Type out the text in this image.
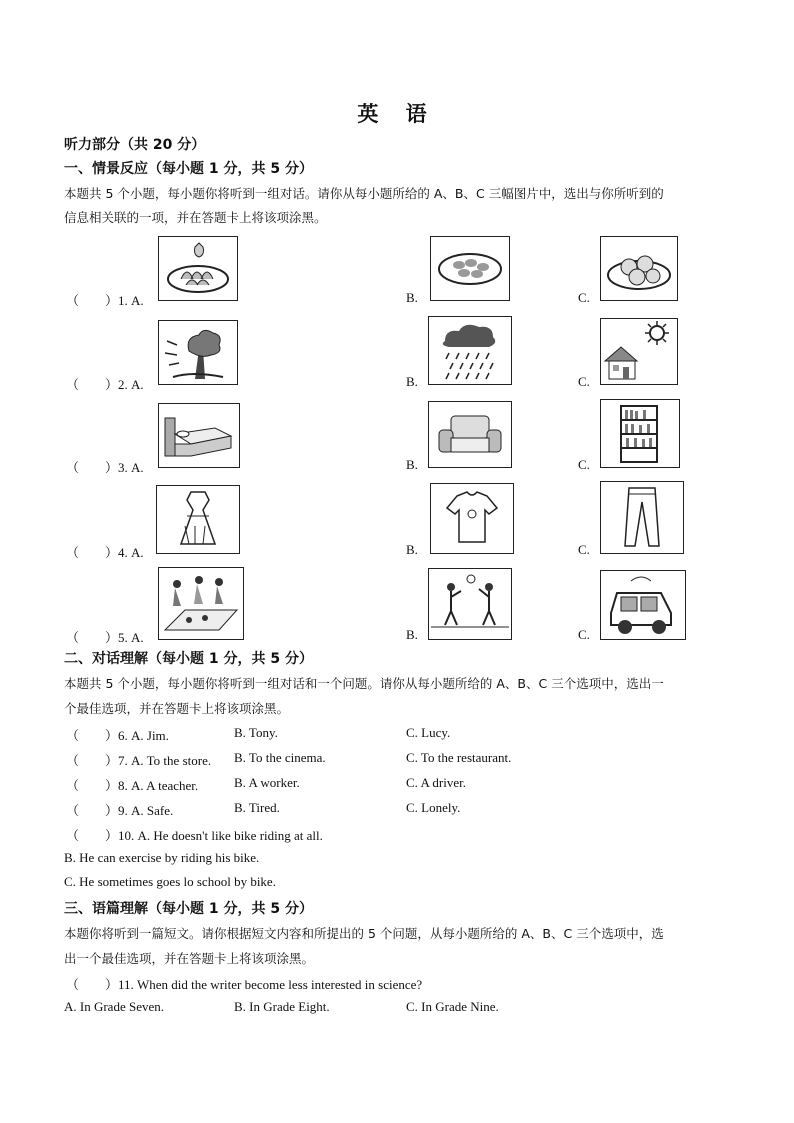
英 语
听力部分（共 20 分）
一、情景反应（每小题 1 分，共 5 分）
本题共 5 个小题，每小题你将听到一组对话。请你从每小题所给的 A、B、C 三幅图片中，选出与你所听到的
信息相关联的一项，并在答题卡上将该项涂黑。
（　　）1. A.	B.	C.
（　　）2. A.	B.	C.
（　　）3. A.	B.	C.
（　　）4. A.	B.	C.
（　　）5. A.	B.	C.
二、对话理解（每小题 1 分，共 5 分）
本题共 5 个小题，每小题你将听到一组对话和一个问题。请你从每小题所给的 A、B、C 三个选项中，选出一
个最佳选项，并在答题卡上将该项涂黑。
（　　）6. A. Jim.	B. Tony.	C. Lucy.
（　　）7. A. To the store. B. To the cinema.	C. To the restaurant.
（　　）8. A. A teacher.	B. A worker.	C. A driver.
（　　）9. A. Safe.	B. Tired.	C. Lonely.
（　　）10. A. He doesn't like bike riding at all.
B. He can exercise by riding his bike.
C. He sometimes goes lo school by bike.
三、语篇理解（每小题 1 分，共 5 分）
本题你将听到一篇短文。请你根据短文内容和所提出的 5 个问题，从每小题所给的 A、B、C 三个选项中，选
出一个最佳选项，并在答题卡上将该项涂黑。
（　　）11. When did the writer become less interested in science?
A. In Grade Seven.	B. In Grade Eight.	C. In Grade Nine.
